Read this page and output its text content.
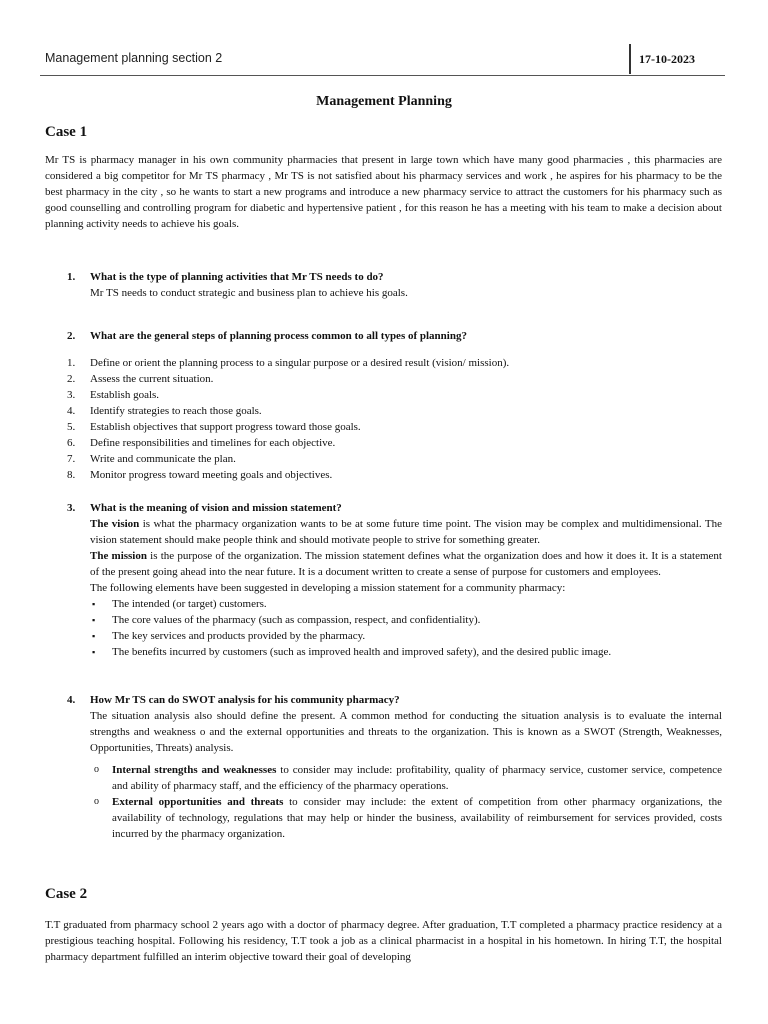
Management planning section 2	17-10-2023
Management Planning
Case 1
Mr TS is pharmacy manager in his own community pharmacies that present in large town which have many good pharmacies , this pharmacies are considered a big competitor for Mr TS pharmacy , Mr TS is not satisfied about his pharmacy services and work , he aspires for his pharmacy to be the best pharmacy in the city , so he wants to start a new programs and introduce a new pharmacy service to attract the customers for his pharmacy such as good counselling and controlling program for diabetic and hypertensive patient , for this reason he has a meeting with his team to make a decision about planning activity needs to achieve his goals.
1. What is the type of planning activities that Mr TS needs to do?
Mr TS needs to conduct strategic and business plan to achieve his goals.
2. What are the general steps of planning process common to all types of planning?
1. Define or orient the planning process to a singular purpose or a desired result (vision/ mission).
2. Assess the current situation.
3. Establish goals.
4. Identify strategies to reach those goals.
5. Establish objectives that support progress toward those goals.
6. Define responsibilities and timelines for each objective.
7. Write and communicate the plan.
8. Monitor progress toward meeting goals and objectives.
3. What is the meaning of vision and mission statement?
The vision is what the pharmacy organization wants to be at some future time point. The vision may be complex and multidimensional. The vision statement should make people think and should motivate people to strive for something greater.
The mission is the purpose of the organization. The mission statement defines what the organization does and how it does it. It is a statement of the present going ahead into the near future. It is a document written to create a sense of purpose for customers and employees.
The following elements have been suggested in developing a mission statement for a community pharmacy:
▪ The intended (or target) customers.
▪ The core values of the pharmacy (such as compassion, respect, and confidentiality).
▪ The key services and products provided by the pharmacy.
▪ The benefits incurred by customers (such as improved health and improved safety), and the desired public image.
4. How Mr TS can do SWOT analysis for his community pharmacy?
The situation analysis also should define the present. A common method for conducting the situation analysis is to evaluate the internal strengths and weakness o and the external opportunities and threats to the organization. This is known as a SWOT (Strength, Weaknesses, Opportunities, Threats) analysis.
o Internal strengths and weaknesses to consider may include: profitability, quality of pharmacy service, customer service, competence and ability of pharmacy staff, and the efficiency of the pharmacy operations.
o External opportunities and threats to consider may include: the extent of competition from other pharmacy organizations, the availability of technology, regulations that may help or hinder the business, availability of reimbursement for services provided, costs incurred by the pharmacy organization.
Case 2
T.T graduated from pharmacy school 2 years ago with a doctor of pharmacy degree. After graduation, T.T completed a pharmacy practice residency at a prestigious teaching hospital. Following his residency, T.T took a job as a clinical pharmacist in a hospital in his hometown. In hiring T.T, the hospital pharmacy department fulfilled an interim objective toward their goal of developing
